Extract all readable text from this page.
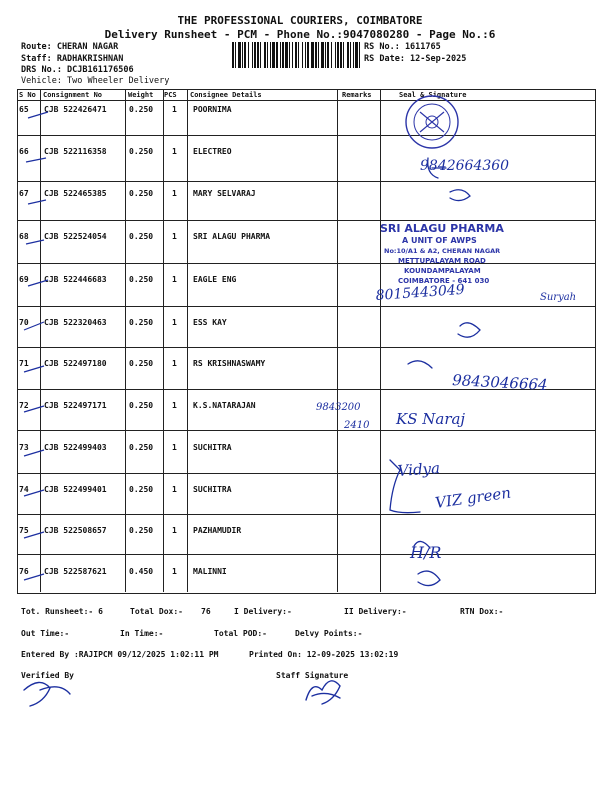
THE PROFESSIONAL COURIERS, COIMBATORE
Delivery Runsheet - PCM - Phone No.:9047080280 - Page No.:6
Route: CHERAN NAGAR
Staff: RADHAKRISHNAN
DRS No.: DCJB161176506
Vehicle: Two Wheeler Delivery
RS No.: 1611765
RS Date: 12-Sep-2025
S No Consignment No	Weight PCS Consignee Details	Remarks	Seal & Signature
65 CJB 522426471	0.250 1 POORNIMA
66 CJB 522116358	0.250 1 ELECTREO
67 CJB 522465385	0.250 1 MARY SELVARAJ
68 CJB 522524054	0.250 1 SRI ALAGU PHARMA
69 CJB 522446683	0.250 1 EAGLE ENG
70 CJB 522320463	0.250 1 ESS KAY
71 CJB 522497180	0.250 1 RS KRISHNASWAMY
72 CJB 522497171	0.250 1 K.S.NATARAJAN
73 CJB 522499403	0.250 1 SUCHITRA
74 CJB 522499401	0.250 1 SUCHITRA
75 CJB 522508657	0.250 1 PAZHAMUDIR
76 CJB 522587621	0.450 1 MALINNI
Tot. Runsheet:- 6	Total Dox:- 76	I Delivery:-	II Delivery:-	RTN Dox:-
Out Time:-	In Time:-	Total POD:-	Delvy Points:-
Entered By :RAJIPCM 09/12/2025 1:02:11 PM	Printed On: 12-09-2025 13:02:19
Verified By	Staff Signature
SRI ALAGU PHARMA
A UNIT OF AWPS
No:10/A1 & A2, CHERAN NAGAR
METTUPALAYAM ROAD
KOUNDAMPALAYAM
COIMBATORE - 641 030
9842664360
8015443049	Suryah
9843046664
9843200
2410 KS Naraj
Vidya
VIZ green
H/R
